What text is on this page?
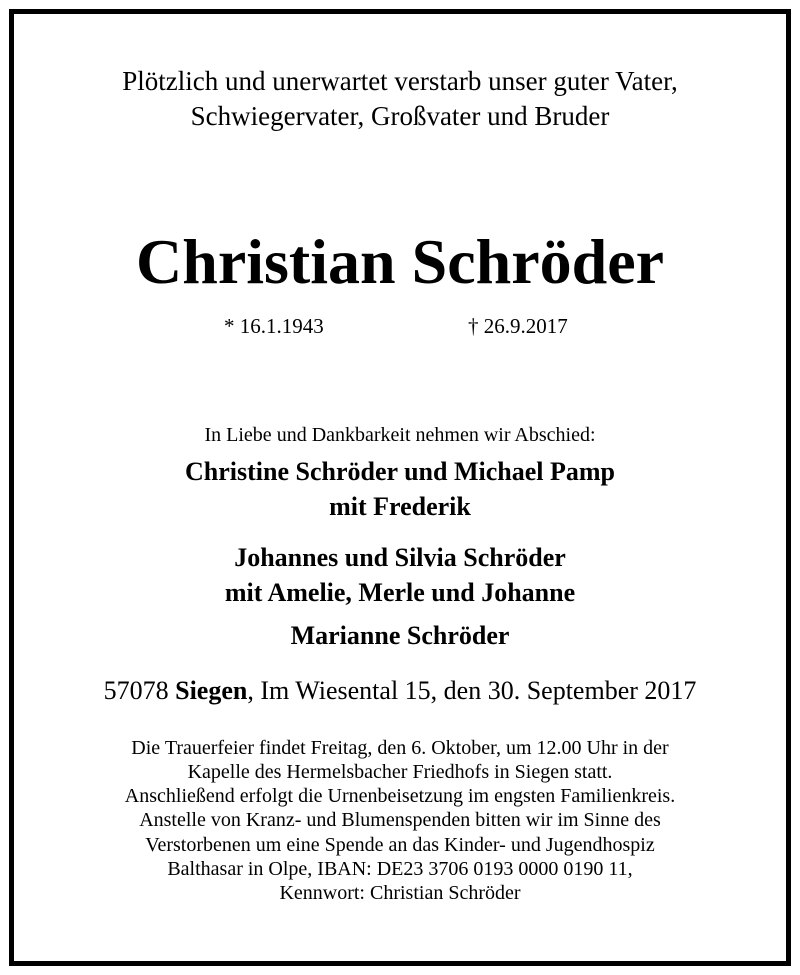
Plötzlich und unerwartet verstarb unser guter Vater,
Schwiegervater, Großvater und Bruder
Christian Schröder
* 16.1.1943	† 26.9.2017
In Liebe und Dankbarkeit nehmen wir Abschied:
Christine Schröder und Michael Pamp
mit Frederik
Johannes und Silvia Schröder
mit Amelie, Merle und Johanne
Marianne Schröder
57078 Siegen, Im Wiesental 15, den 30. September 2017
Die Trauerfeier findet Freitag, den 6. Oktober, um 12.00 Uhr in der
Kapelle des Hermelsbacher Friedhofs in Siegen statt.
Anschließend erfolgt die Urnenbeisetzung im engsten Familienkreis.
Anstelle von Kranz- und Blumenspenden bitten wir im Sinne des
Verstorbenen um eine Spende an das Kinder- und Jugendhospiz
Balthasar in Olpe, IBAN: DE23 3706 0193 0000 0190 11,
Kennwort: Christian Schröder
